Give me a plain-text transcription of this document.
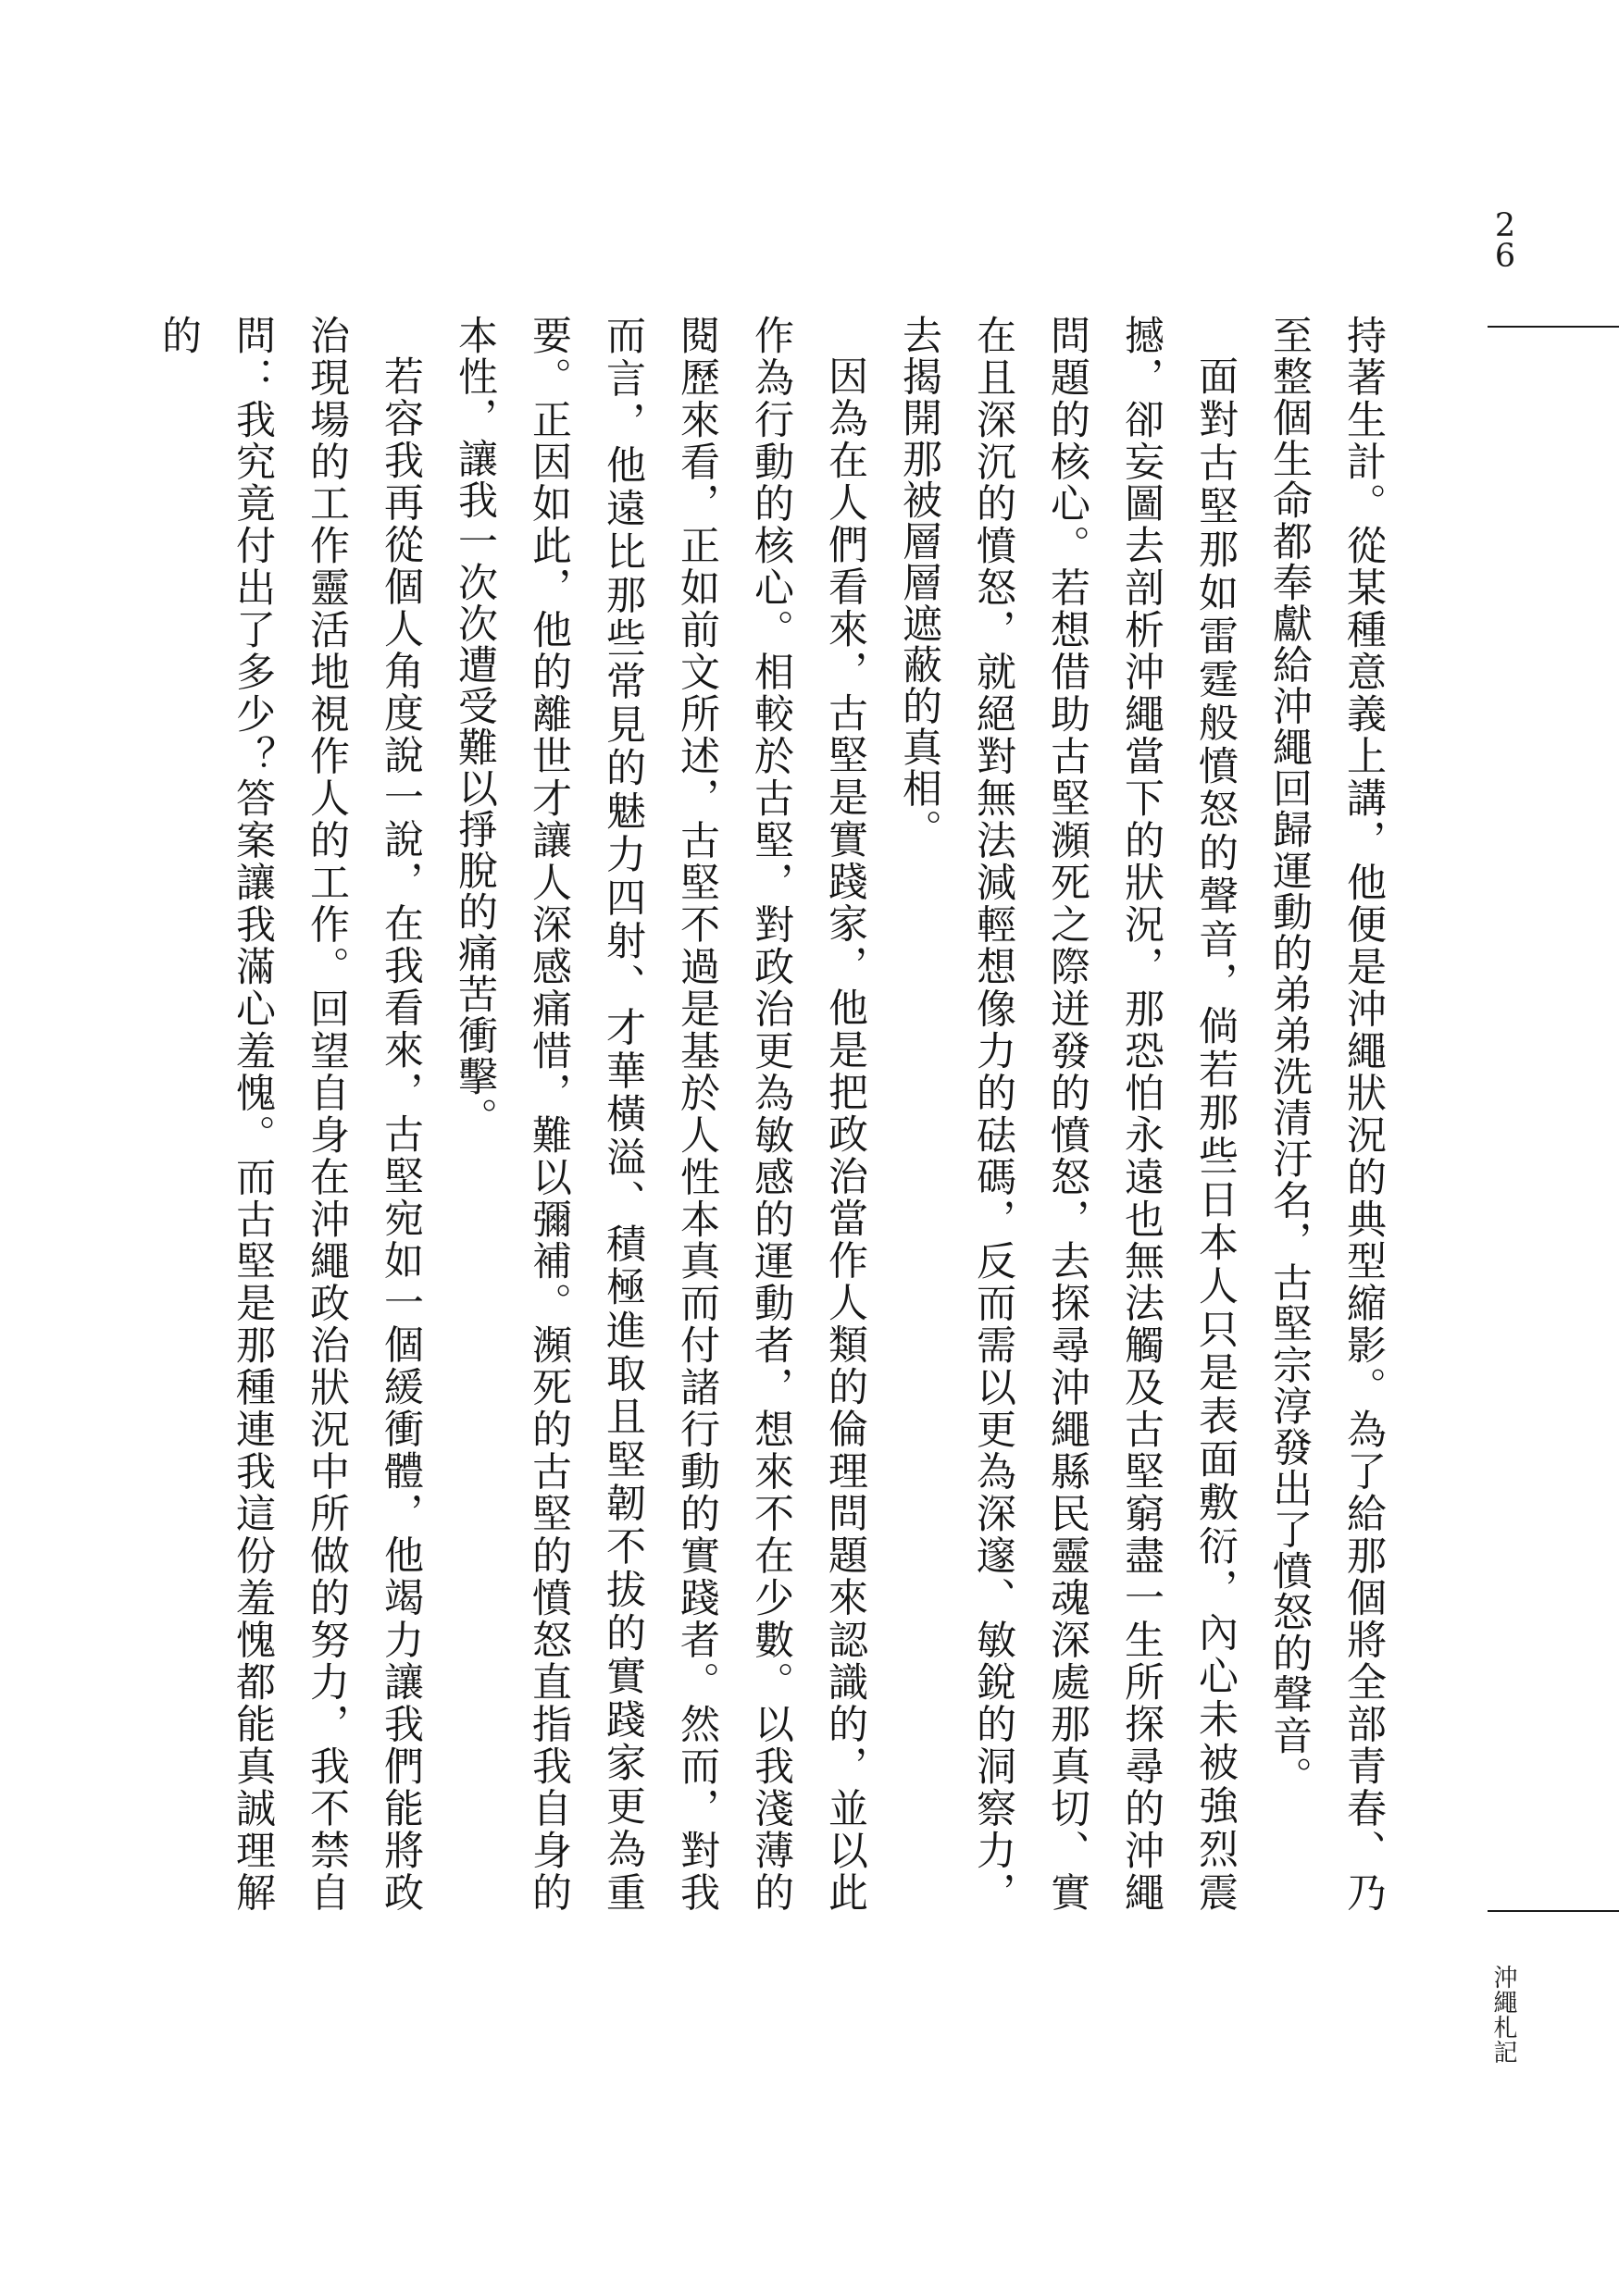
2
6

持著生計。從某種意義上講，他便是沖繩狀況的典型縮影。為了給那個將全部青春、乃至整個生命都奉獻給沖繩回歸運動的弟弟洗清汙名，古堅宗淳發出了憤怒的聲音。

面對古堅那如雷霆般憤怒的聲音，倘若那些日本人只是表面敷衍，內心未被強烈震撼，卻妄圖去剖析沖繩當下的狀況，那恐怕永遠也無法觸及古堅窮盡一生所探尋的沖繩問題的核心。若想借助古堅瀕死之際迸發的憤怒，去探尋沖繩縣民靈魂深處那真切、實在且深沉的憤怒，就絕對無法減輕想像力的砝碼，反而需以更為深邃、敏銳的洞察力，去揭開那被層層遮蔽的真相。

因為在人們看來，古堅是實踐家，他是把政治當作人類的倫理問題來認識的，並以此作為行動的核心。相較於古堅，對政治更為敏感的運動者，想來不在少數。以我淺薄的閱歷來看，正如前文所述，古堅不過是基於人性本真而付諸行動的實踐者。然而，對我而言，他遠比那些常見的魅力四射、才華橫溢、積極進取且堅韌不拔的實踐家更為重要。正因如此，他的離世才讓人深感痛惜，難以彌補。瀕死的古堅的憤怒直指我自身的本性，讓我一次次遭受難以掙脫的痛苦衝擊。

若容我再從個人角度說一說，在我看來，古堅宛如一個緩衝體，他竭力讓我們能將政治現場的工作靈活地視作人的工作。回望自身在沖繩政治狀況中所做的努力，我不禁自問：我究竟付出了多少？答案讓我滿心羞愧。而古堅是那種連我這份羞愧都能真誠理解的

沖繩札記
